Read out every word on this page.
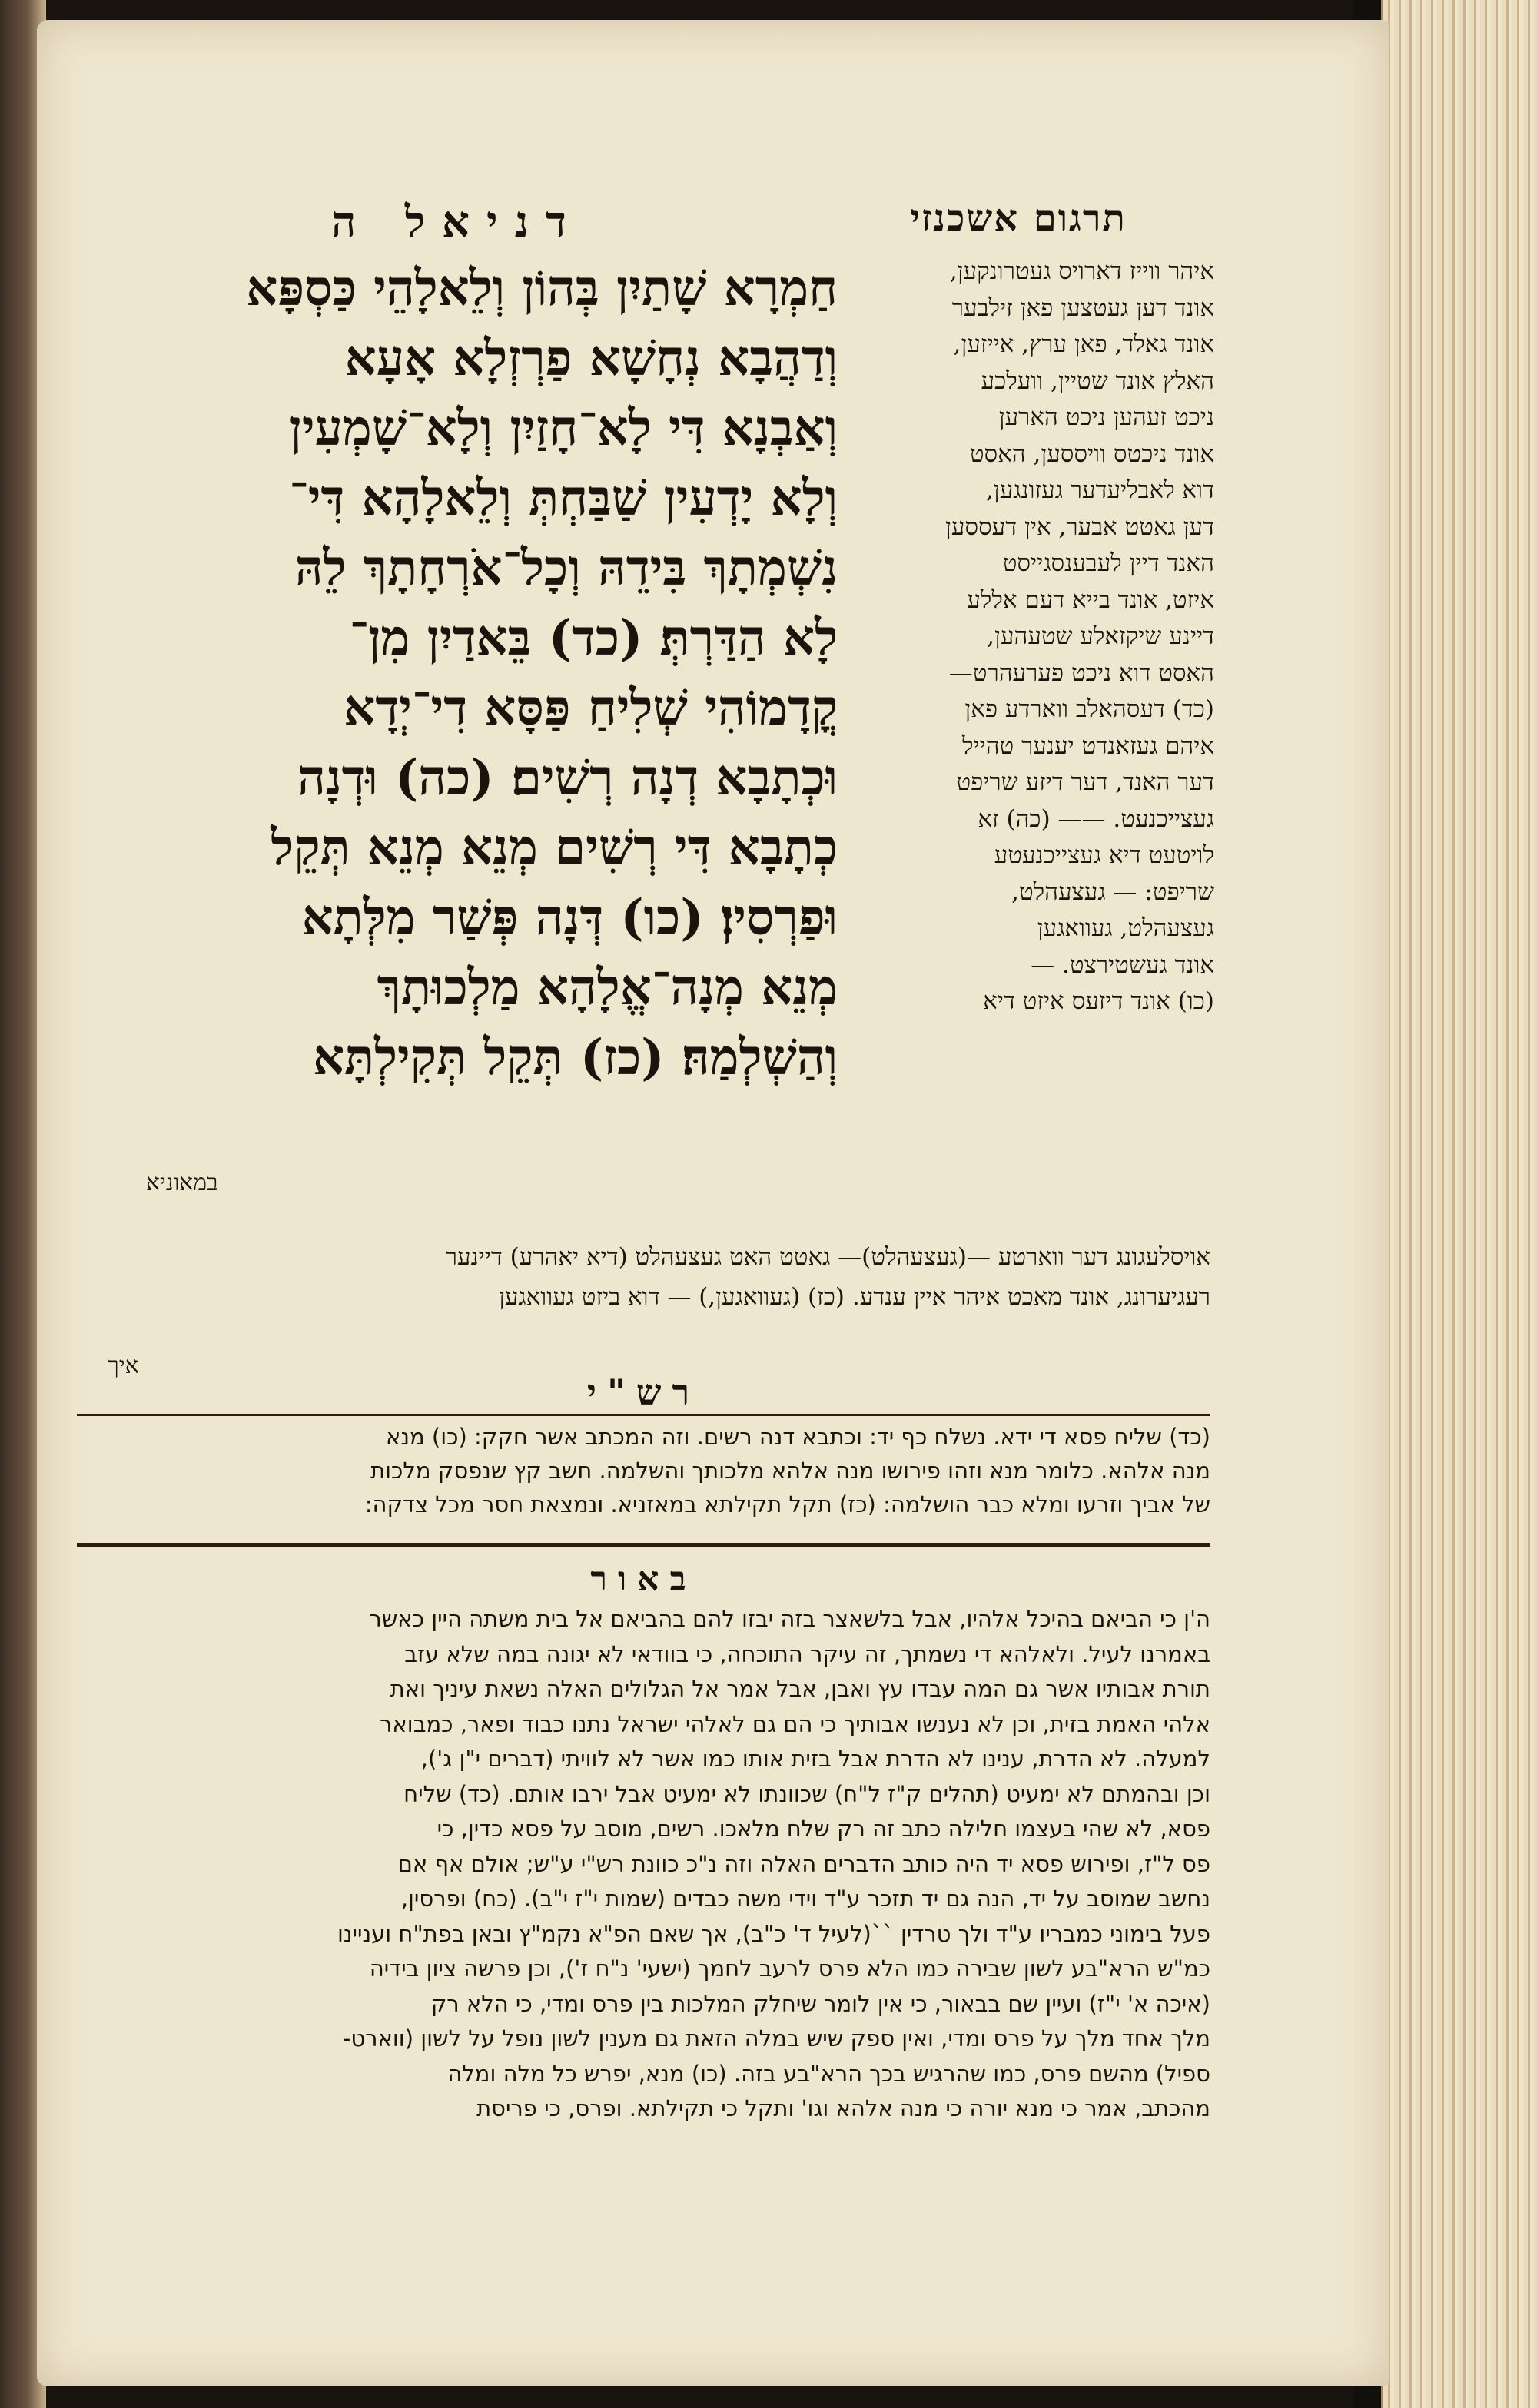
תרגום אשכנזי
דניאל ה
חַמְרָא שָׁתַיִן בְּהוֹן וְלֵאלָהֵי כַּסְפָּא
וְדַהֲבָא נְחָשָׁא פַרְזְלָא אָעָא
וְאַבְנָא דִּי לָא־חָזַיִן וְלָא־שָׁמְעִין
וְלָא יָדְעִין שַׁבַּחְתְּ וְלֵאלָהָא דִּי־
נִשְׁמְתָךְ בִּידֵהּ וְכָל־אֹרְחָתָךְ לֵהּ
לָא הַדַּרְתְּ׃ (כד) בֵּאדַיִן מִן־
קֳדָמוֹהִי שְׁלִיחַ פַּסָּא דִי־יְדָא
וּכְתָבָא דְנָה רְשִׁים׃ (כה) וּדְנָה
כְתָבָא דִּי רְשִׁים מְנֵא מְנֵא תְּקֵל
וּפַרְסִין׃ (כו) דְּנָה פְּשַׁר מִלְּתָא
מְנֵא מְנָה־אֱלָהָא מַלְכוּתָךְ
וְהַשְׁלְמַהּ׃ (כז) תְּקֵל תְּקִילְתָּא
במאוניא
איהר ווייז דארויס געטרונקען,
אונד דען געטצען פאן זילבער
אונד גאלד, פאן ערץ, אייזען,
האלץ אונד שטיין, וועלכע
ניכט זעהען ניכט הארען
אונד ניכטס וויססען, האסט
דוא לאבליעדער געזונגען,
דען גאטט אבער, אין דעססען
האנד דיין לעבענסגייסט
איזט, אונד בייא דעם אללע
דיינע שיקזאלע שטעהען,
האסט דוא ניכט פערעהרט—
(כד) דעסהאלב ווארדע פאן
איהם געזאנדט יענער טהייל
דער האנד, דער דיזע שריפט
געצייכנעט. —— (כה) זא
לויטעט דיא געצייכנעטע
שריפט: — געצעהלט,
געצעהלט, געוואגען
אונד געשטירצט. —
(כו) אונד דיזעס איזט דיא
אויסלעגונג דער ווארטע —(געצעהלט)— גאטט האט געצעהלט (דיא יאהרע) דיינער
רעגיערונג, אונד מאכט איהר איין ענדע. (כז) (געוואגען,) — דוא ביזט געוואגען
איך
רש"י
(כד) שליח פסא די ידא. נשלח כף יד: וכתבא דנה רשים. וזה המכתב אשר חקק: (כו) מנא
מנה אלהא. כלומר מנא וזהו פירושו מנה אלהא מלכותך והשלמה. חשב קץ שנפסק מלכות
של אביך וזרעו ומלא כבר הושלמה: (כז) תקל תקילתא במאזניא. ונמצאת חסר מכל צדקה:
באור
ה'ן כי הביאם בהיכל אלהיו, אבל בלשאצר בזה יבזו להם בהביאם אל בית משתה היין כאשר
באמרנו לעיל. ולאלהא די נשמתך, זה עיקר התוכחה, כי בוודאי לא יגונה במה שלא עזב
תורת אבותיו אשר גם המה עבדו עץ ואבן, אבל אמר אל הגלולים האלה נשאת עיניך ואת
אלהי האמת בזית, וכן לא נענשו אבותיך כי הם גם לאלהי ישראל נתנו כבוד ופאר, כמבואר
למעלה. לא הדרת, ענינו לא הדרת אבל בזית אותו כמו אשר לא לוויתי (דברים י"ן ג'),
וכן ובהמתם לא ימעיט (תהלים ק"ז ל"ח) שכוונתו לא ימעיט אבל ירבו אותם. (כד) שליח
פסא, לא שהי בעצמו חלילה כתב זה רק שלח מלאכו. רשים, מוסב על פסא כדין, כי
פס ל"ז, ופירוש פסא יד היה כותב הדברים האלה וזה נ"כ כוונת רש"י ע"ש; אולם אף אם
נחשב שמוסב על יד, הנה גם יד תזכר ע"ד וידי משה כבדים (שמות י"ז י"ב). (כח) ופרסין,
פעל בימוני כמבריו ע"ד ולך טרדין ``(לעיל ד' כ"ב), אך שאם הפ"א נקמ"ץ ובאן בפת"ח ועניינו
כמ"ש הרא"בע לשון שבירה כמו הלא פרס לרעב לחמך (ישעי' נ"ח ז'), וכן פרשה ציון בידיה
(איכה א' י"ז) ועיין שם בבאור, כי אין לומר שיחלק המלכות בין פרס ומדי, כי הלא רק
מלך אחד מלך על פרס ומדי, ואין ספק שיש במלה הזאת גם מענין לשון נופל על לשון (ווארט-
ספיל) מהשם פרס, כמו שהרגיש בכך הרא"בע בזה. (כו) מנא, יפרש כל מלה ומלה
מהכתב, אמר כי מנא יורה כי מנה אלהא וגו' ותקל כי תקילתא. ופרס, כי פריסת
